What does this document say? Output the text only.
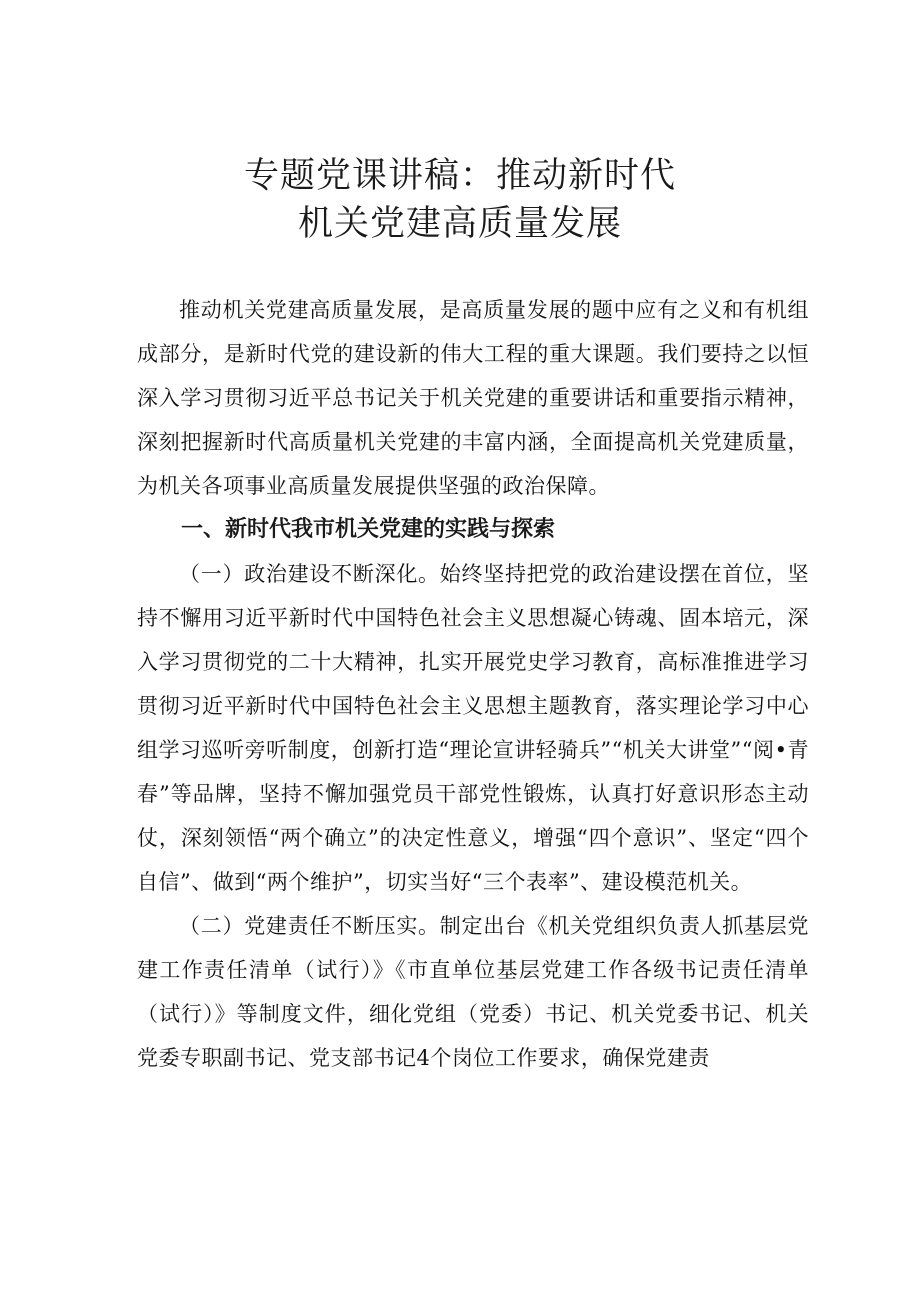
专题党课讲稿：推动新时代
机关党建高质量发展

推动机关党建高质量发展，是高质量发展的题中应有之义和有机组成部分，是新时代党的建设新的伟大工程的重大课题。我们要持之以恒深入学习贯彻习近平总书记关于机关党建的重要讲话和重要指示精神，深刻把握新时代高质量机关党建的丰富内涵，全面提高机关党建质量，为机关各项事业高质量发展提供坚强的政治保障。

一、新时代我市机关党建的实践与探索

（一）政治建设不断深化。始终坚持把党的政治建设摆在首位，坚持不懈用习近平新时代中国特色社会主义思想凝心铸魂、固本培元，深入学习贯彻党的二十大精神，扎实开展党史学习教育，高标准推进学习贯彻习近平新时代中国特色社会主义思想主题教育，落实理论学习中心组学习巡听旁听制度，创新打造“理论宣讲轻骑兵”“机关大讲堂”“阅•青春”等品牌，坚持不懈加强党员干部党性锻炼，认真打好意识形态主动仗，深刻领悟“两个确立”的决定性意义，增强“四个意识”、坚定“四个自信”、做到“两个维护”，切实当好“三个表率”、建设模范机关。

（二）党建责任不断压实。制定出台《机关党组织负责人抓基层党建工作责任清单（试行）》《市直单位基层党建工作各级书记责任清单（试行）》等制度文件，细化党组（党委）书记、机关党委书记、机关党委专职副书记、党支部书记4个岗位工作要求，确保党建责
